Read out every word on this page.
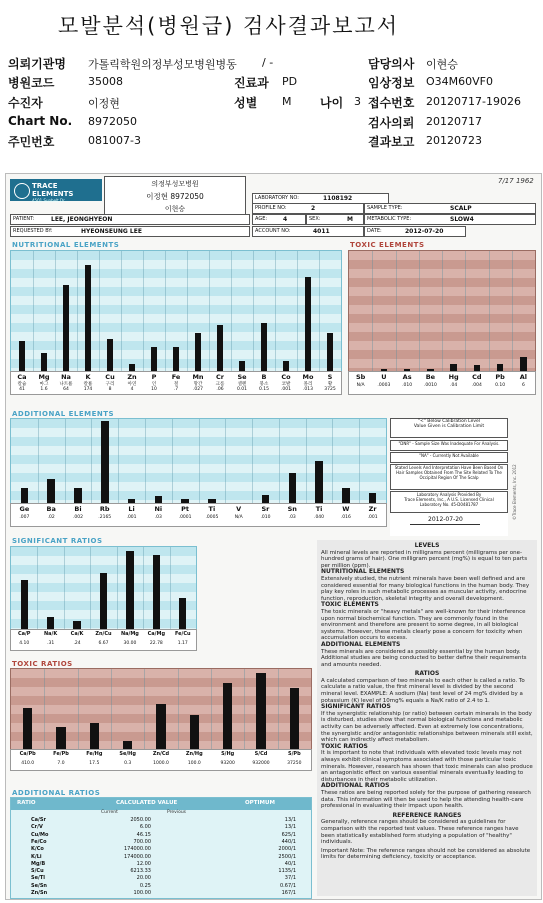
모발분석(병원급) 검사결과보고서
의뢰기관명 가톨릭학원의정부성모병원병동 / -	담당의사 이현승
병원코드	35008	진료과 PD	임상정보 O34M60VF0
수진자	이정현	성별 M 나이 3 접수번호 20120717-19026
Chart No. 8972050	검사의뢰 20120717
주민번호	081007-3	결과보고 20120723
TRACE ELEMENTS
4501 Sunbelt Dr.
의정부성모병원
이정현 8972050
이현승
7/17 1962
LABORATORY NO:	1108192
PROFILE NO:	2	SAMPLE TYPE:	SCALP
PATIENT:	LEE, JEONGHYEON	AGE:	4	SEX:	M	METABOLIC TYPE:	SLOW4
REQUESTED BY:	HYEONSEUNG LEE	ACCOUNT NO:	4011	DATE:	2012-07-20
NUTRITIONAL ELEMENTS
Ca
칼슘
41
Mg
마그
1.6
Na
나트륨
64
K
칼륨
174
Cu
구리
8
Zn
아연
4
P
인
10
Fe
철
.7
Mn
망간
.027
Cr
크롬
.06
Se
셀렌
0.01
B
붕소
0.15
Co
코발
.001
Mo
몰리
.013
S
황
3725
TOXIC ELEMENTS
Sb
N/A
U
.0003
As
.010
Be
.0010
Hg
.04
Cd
.004
Pb
0.10
Al
6
ADDITIONAL ELEMENTS
Ge
.007
Ba
.02
Bi
.002
Rb
.2165
Li
.001
Ni
.03
Pt
.0001
Ti
.0005
V
N/A
Sr
.010
Sn
.03
Ti
.040
W
.016
Zr
.001
"<" Below Calibration Level
Value Given is Calibration Limit
"DNR" - Sample Size Was Inadequate For Analysis.
"NA" - Currently Not Available
Stated Levels And Interpretation Have Been Based On
Hair Samples Obtained From The Site Related To The
Occipital Region Of The Scalp
Laboratory Analysis Provided By
Trace Elements, Inc., A U.S. Licensed Clinical
Laboratory No. 45-D0481787
2012-07-20	©Trace Elements, Inc. 2012
SIGNIFICANT RATIOS
Ca/P
4.10
Na/K
.31
Ca/K
.24
Zn/Cu
6.67
Na/Mg
30.00
Ca/Mg
22.78
Fe/Cu
1.17
TOXIC RATIOS
Ca/Pb
410.0
Fe/Pb
7.0
Fe/Hg
17.5
Se/Hg
0.3
Zn/Cd
1000.0
Zn/Hg
100.0
S/Hg
93200
S/Cd
932000
S/Pb
37250
ADDITIONAL RATIOS
RATIO	CALCULATED VALUE	OPTIMUM
Current	Previous
Ca/Sr	2050.00	13/1
Cr/V	6.00	13/1
Cu/Mo	46.15	625/1
Fe/Co	700.00	440/1
K/Co	174000.00	2000/1
K/Li	174000.00	2500/1
Mg/B	12.00	40/1
S/Cu	6213.33	1135/1
Se/Tl	20.00	37/1
Se/Sn	0.25	0.67/1
Zn/Sn	100.00	167/1
LEVELS
All mineral levels are reported in milligrams percent (milligrams per one-hundred grams of hair). One milligram percent (mg%) is equal to ten parts per million (ppm).
NUTRITIONAL ELEMENTS
Extensively studied, the nutrient minerals have been well defined and are considered essential for many biological functions in the human body. They play key roles in such metabolic processes as muscular activity, endocrine function, reproduction, skeletal integrity and overall development.
TOXIC ELEMENTS
The toxic minerals or "heavy metals" are well-known for their interference upon normal biochemical function. They are commonly found in the environment and therefore are present to some degree, in all biological systems. However, these metals clearly pose a concern for toxicity when accumulation occurs to excess.
ADDITIONAL ELEMENTS
These minerals are considered as possibly essential by the human body. Additional studies are being conducted to better define their requirements and amounts needed.
RATIOS
A calculated comparison of two minerals to each other is called a ratio. To calculate a ratio value, the first mineral level is divided by the second mineral level. EXAMPLE: A sodium (Na) test level of 24 mg% divided by a potassium (K) level of 10mg% equals a Na/K ratio of 2.4 to 1.
SIGNIFICANT RATIOS
If the synergistic relationship (or ratio) between certain minerals in the body is disturbed, studies show that normal biological functions and metabolic activity can be adversely affected. Even at extremely low concentrations, the synergistic and/or antagonistic relationships between minerals still exist, which can indirectly affect metabolism.
TOXIC RATIOS
It is important to note that individuals with elevated toxic levels may not always exhibit clinical symptoms associated with those particular toxic minerals. However, research has shown that toxic minerals can also produce an antagonistic effect on various essential minerals eventually leading to disturbances in their metabolic utilization.
ADDITIONAL RATIOS
These ratios are being reported solely for the purpose of gathering research data. This information will then be used to help the attending health-care professional in evaluating their impact upon health.
REFERENCE RANGES
Generally, reference ranges should be considered as guidelines for comparison with the reported test values. These reference ranges have been statistically established form studying a population of "healthy" individuals.
Important Note: The reference ranges should not be considered as absolute limits for determining deficiency, toxicity or acceptance.
